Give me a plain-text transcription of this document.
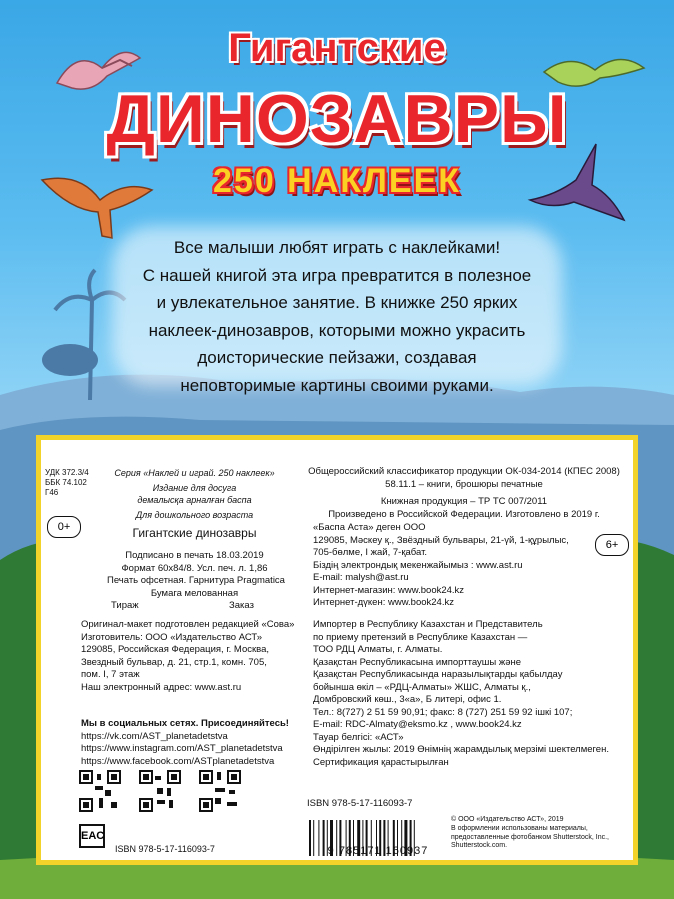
Гигантские
ДИНОЗАВРЫ
250 НАКЛЕЕК
Все малыши любят играть с наклейками!
С нашей книгой эта игра превратится в полезное
и увлекательное занятие. В книжке 250 ярких
наклеек-динозавров, которыми можно украсить
доисторические пейзажи, создавая
неповторимые картины своими руками.
УДК 372.3/4
ББК 74.102
Г46
Серия «Наклей и играй. 250 наклеек»
Издание для досуга
демалысқа арналған баспа
Для дошкольного возраста
0+	Гигантские динозавры
Подписано в печать 18.03.2019
Формат 60x84/8. Усл. печ. л. 1,86
Печать офсетная. Гарнитура Pragmatica
Бумага мелованная
Тираж	Заказ
Оригинал-макет подготовлен редакцией «Сова»
Изготовитель: ООО «Издательство АСТ»
129085, Российская Федерация, г. Москва,
Звездный бульвар, д. 21, стр.1, комн. 705,
пом. I, 7 этаж
Наш электронный адрес: www.ast.ru
Мы в социальных сетях. Присоединяйтесь!
https://vk.com/AST_planetadetstva
https://www.instagram.com/AST_planetadetstva
https://www.facebook.com/ASTplanetadetstva
EAC
ISBN 978-5-17-116093-7
Общероссийский классификатор продукции ОК-034-2014 (КПЕС 2008)
58.11.1 – книги, брошюры печатные
Книжная продукция – ТР ТС 007/2011
Произведено в Российской Федерации. Изготовлено в 2019 г.
«Баспа Аста» деген ООО
129085, Мәскеу қ., Звёздный бульвары, 21-үй, 1-құрылыс,
705-бөлме, I жай, 7-қабат.
Біздің электрондық мекенжайымыз : www.ast.ru
E-mail: malysh@ast.ru
Интернет-магазин: www.book24.kz
Интернет-дүкен: www.book24.kz
6+
Импортер в Республику Казахстан и Представитель
по приему претензий в Республике Казахстан —
ТОО РДЦ Алматы, г. Алматы.
Қазақстан Республикасына импорттаушы және
Қазақстан Республикасында наразылықтарды қабылдау
бойынша өкіл – «РДЦ-Алматы» ЖШС, Алматы қ.,
Домбровский көш., 3«а», Б литері, офис 1.
Тел.: 8(727) 2 51 59 90,91; факс: 8 (727) 251 59 92 ішкі 107;
E-mail: RDC-Almaty@eksmo.kz , www.book24.kz
Тауар белгісі: «АСТ»
Өндірілген жылы: 2019 Өнімнің жарамдылық мерзімі шектелмеген.
Сертификация қарастырылған
ISBN 978-5-17-116093-7
9 785171 160937
© ООО «Издательство АСТ», 2019
В оформлении использованы материалы,
предоставленные фотобанком Shutterstock, Inc.,
Shutterstock.com.
